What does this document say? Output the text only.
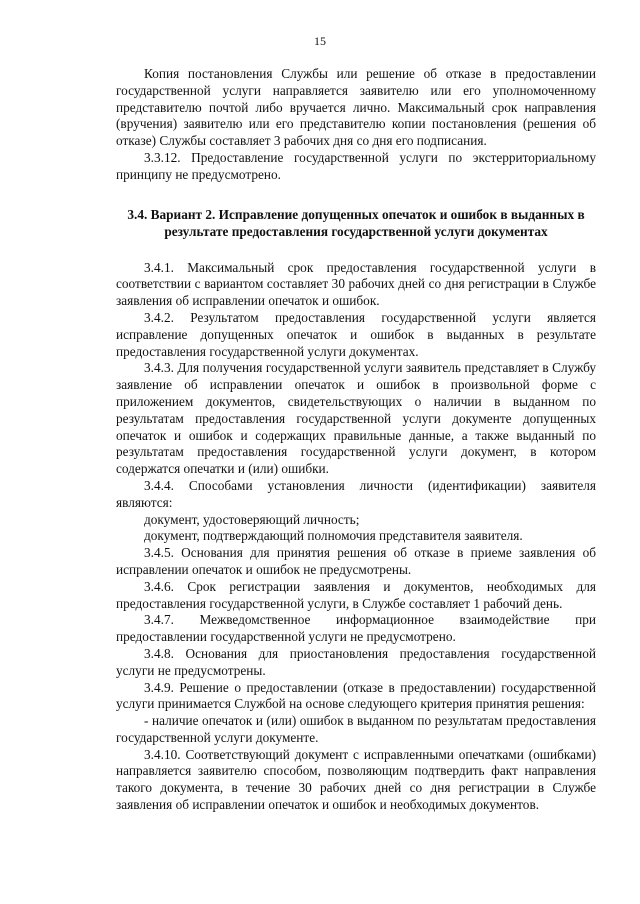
15

Копия постановления Службы или решение об отказе в предоставлении государственной услуги направляется заявителю или его уполномоченному представителю почтой либо вручается лично. Максимальный срок направления (вручения) заявителю или его представителю копии постановления (решения об отказе) Службы составляет 3 рабочих дня со дня его подписания.

3.3.12. Предоставление государственной услуги по экстерриториальному принципу не предусмотрено.

3.4. Вариант 2. Исправление допущенных опечаток и ошибок в выданных в результате предоставления государственной услуги документах

3.4.1. Максимальный срок предоставления государственной услуги в соответствии с вариантом составляет 30 рабочих дней со дня регистрации в Службе заявления об исправлении опечаток и ошибок.

3.4.2. Результатом предоставления государственной услуги является исправление допущенных опечаток и ошибок в выданных в результате предоставления государственной услуги документах.

3.4.3. Для получения государственной услуги заявитель представляет в Службу заявление об исправлении опечаток и ошибок в произвольной форме с приложением документов, свидетельствующих о наличии в выданном по результатам предоставления государственной услуги документе допущенных опечаток и ошибок и содержащих правильные данные, а также выданный по результатам предоставления государственной услуги документ, в котором содержатся опечатки и (или) ошибки.

3.4.4. Способами установления личности (идентификации) заявителя являются:

документ, удостоверяющий личность;

документ, подтверждающий полномочия представителя заявителя.

3.4.5. Основания для принятия решения об отказе в приеме заявления об исправлении опечаток и ошибок не предусмотрены.

3.4.6. Срок регистрации заявления и документов, необходимых для предоставления государственной услуги, в Службе составляет 1 рабочий день.

3.4.7. Межведомственное информационное взаимодействие при предоставлении государственной услуги не предусмотрено.

3.4.8. Основания для приостановления предоставления государственной услуги не предусмотрены.

3.4.9. Решение о предоставлении (отказе в предоставлении) государственной услуги принимается Службой на основе следующего критерия принятия решения:

- наличие опечаток и (или) ошибок в выданном по результатам предоставления государственной услуги документе.

3.4.10. Соответствующий документ с исправленными опечатками (ошибками) направляется заявителю способом, позволяющим подтвердить факт направления такого документа, в течение 30 рабочих дней со дня регистрации в Службе заявления об исправлении опечаток и ошибок и необходимых документов.
